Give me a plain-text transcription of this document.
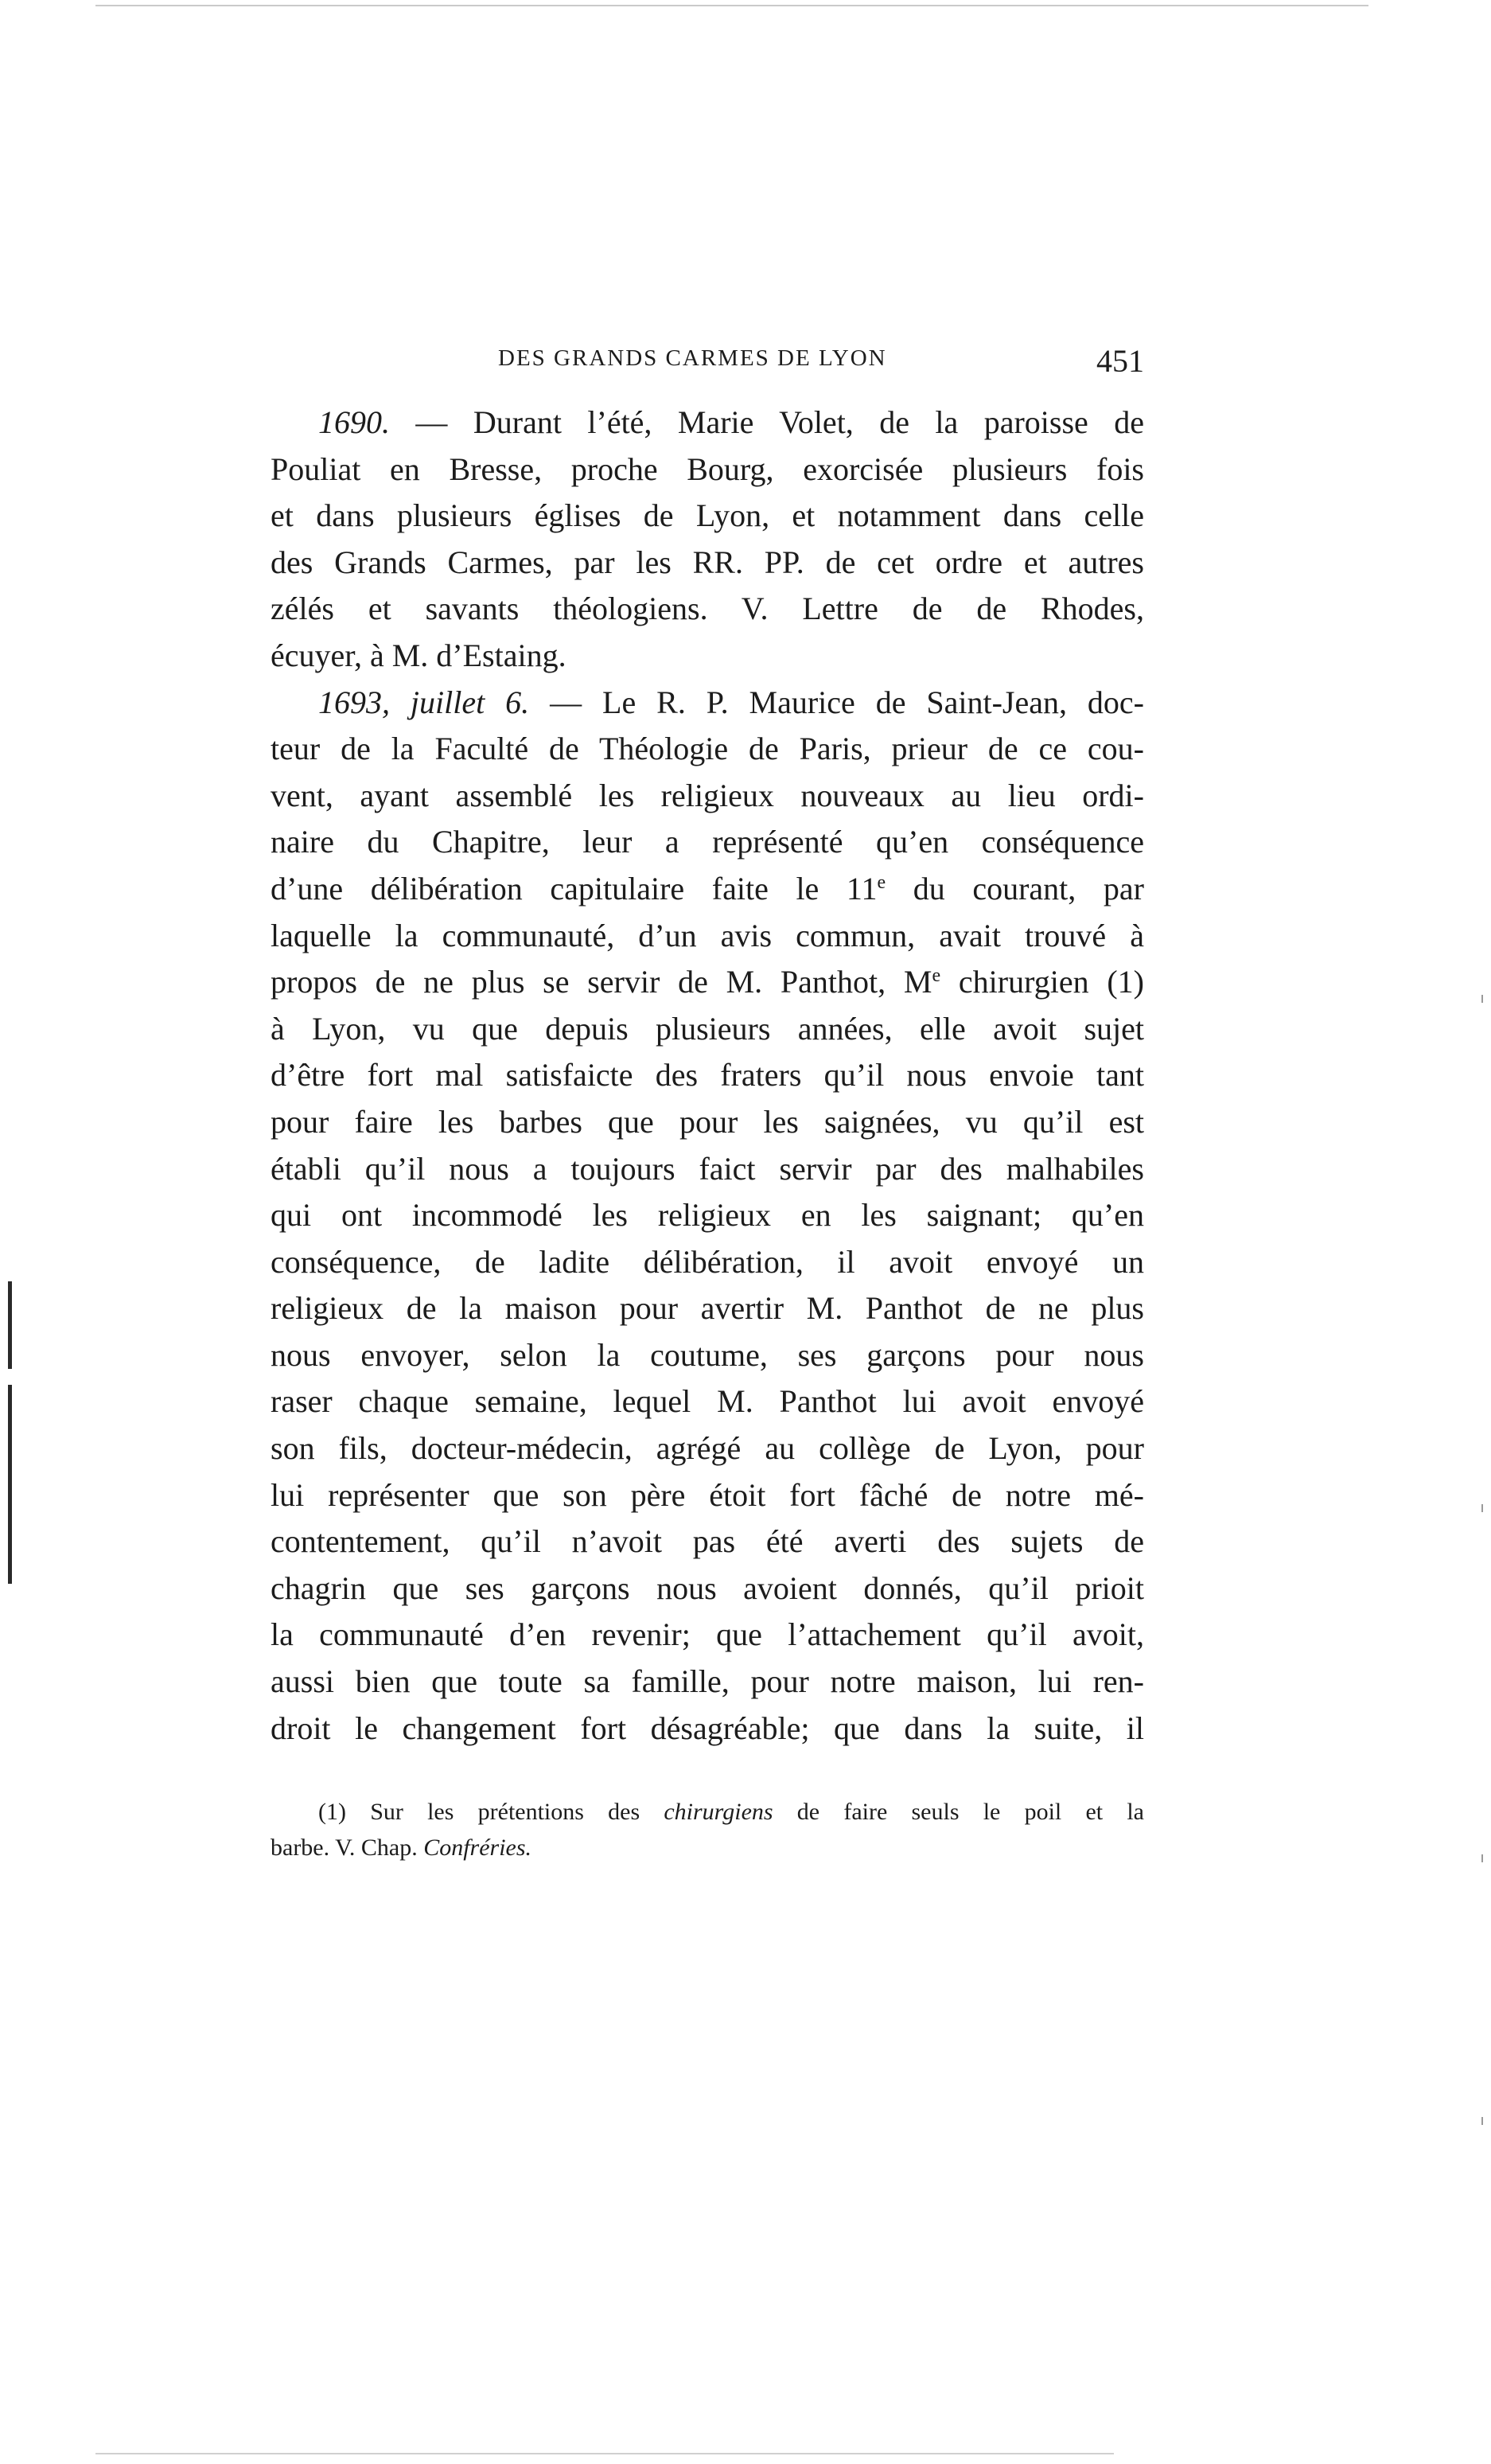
DES GRANDS CARMES DE LYON	451
1690. — Durant l’été, Marie Volet, de la paroisse de
Pouliat en Bresse, proche Bourg, exorcisée plusieurs fois
et dans plusieurs églises de Lyon, et notamment dans celle
des Grands Carmes, par les RR. PP. de cet ordre et autres
zélés et savants théologiens. V. Lettre de de Rhodes,
écuyer, à M. d’Estaing.
1693, juillet 6. — Le R. P. Maurice de Saint-Jean, doc-
teur de la Faculté de Théologie de Paris, prieur de ce cou-
vent, ayant assemblé les religieux nouveaux au lieu ordi-
naire du Chapitre, leur a représenté qu’en conséquence
d’une délibération capitulaire faite le 11e du courant, par
laquelle la communauté, d’un avis commun, avait trouvé à
propos de ne plus se servir de M. Panthot, Me chirurgien (1)
à Lyon, vu que depuis plusieurs années, elle avoit sujet
d’être fort mal satisfaicte des fraters qu’il nous envoie tant
pour faire les barbes que pour les saignées, vu qu’il est
établi qu’il nous a toujours faict servir par des malhabiles
qui ont incommodé les religieux en les saignant; qu’en
conséquence, de ladite délibération, il avoit envoyé un
religieux de la maison pour avertir M. Panthot de ne plus
nous envoyer, selon la coutume, ses garçons pour nous
raser chaque semaine, lequel M. Panthot lui avoit envoyé
son fils, docteur-médecin, agrégé au collège de Lyon, pour
lui représenter que son père étoit fort fâché de notre mé-
contentement, qu’il n’avoit pas été averti des sujets de
chagrin que ses garçons nous avoient donnés, qu’il prioit
la communauté d’en revenir; que l’attachement qu’il avoit,
aussi bien que toute sa famille, pour notre maison, lui ren-
droit le changement fort désagréable; que dans la suite, il
(1) Sur les prétentions des chirurgiens de faire seuls le poil et la
barbe. V. Chap. Confréries.
